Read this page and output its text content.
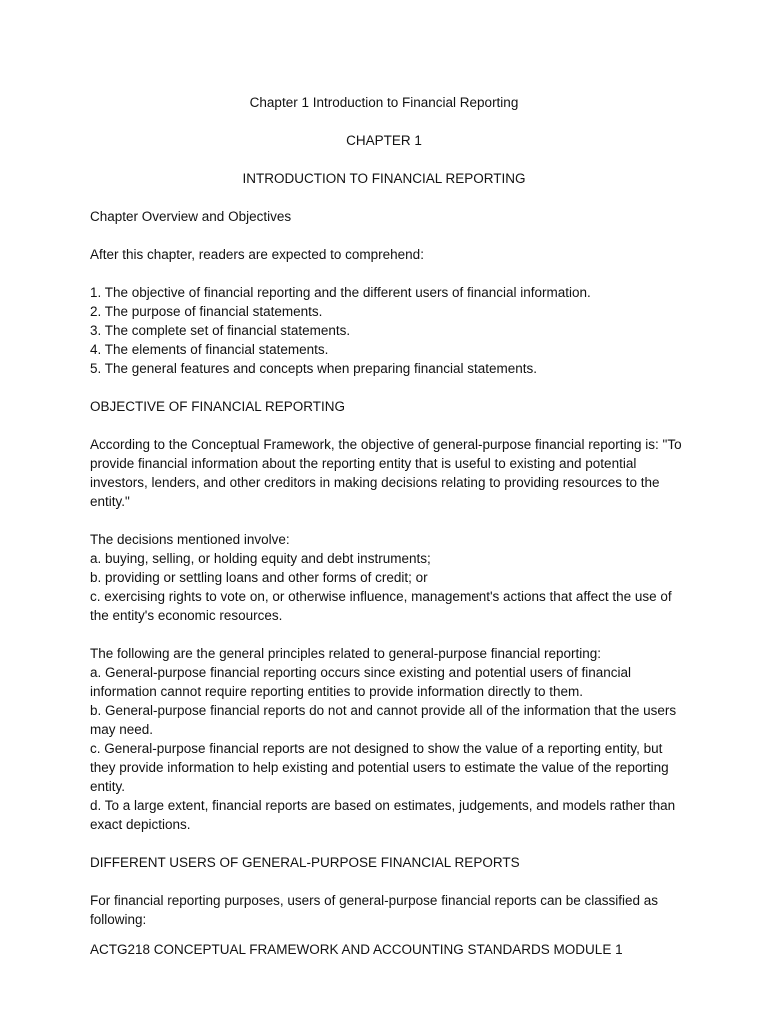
Chapter 1 Introduction to Financial Reporting

CHAPTER 1

INTRODUCTION TO FINANCIAL REPORTING

Chapter Overview and Objectives

After this chapter, readers are expected to comprehend:

1. The objective of financial reporting and the different users of financial information.
2. The purpose of financial statements.
3. The complete set of financial statements.
4. The elements of financial statements.
5. The general features and concepts when preparing financial statements.

OBJECTIVE OF FINANCIAL REPORTING

According to the Conceptual Framework, the objective of general-purpose financial reporting is: "To provide financial information about the reporting entity that is useful to existing and potential investors, lenders, and other creditors in making decisions relating to providing resources to the entity."

The decisions mentioned involve:
a. buying, selling, or holding equity and debt instruments;
b. providing or settling loans and other forms of credit; or
c. exercising rights to vote on, or otherwise influence, management's actions that affect the use of the entity's economic resources.
The following are the general principles related to general-purpose financial reporting:
a. General-purpose financial reporting occurs since existing and potential users of financial information cannot require reporting entities to provide information directly to them.
b. General-purpose financial reports do not and cannot provide all of the information that the users may need.
c. General-purpose financial reports are not designed to show the value of a reporting entity, but they provide information to help existing and potential users to estimate the value of the reporting entity.
d. To a large extent, financial reports are based on estimates, judgements, and models rather than exact depictions.

DIFFERENT USERS OF GENERAL-PURPOSE FINANCIAL REPORTS

For financial reporting purposes, users of general-purpose financial reports can be classified as following:

ACTG218 CONCEPTUAL FRAMEWORK AND ACCOUNTING STANDARDS MODULE 1
